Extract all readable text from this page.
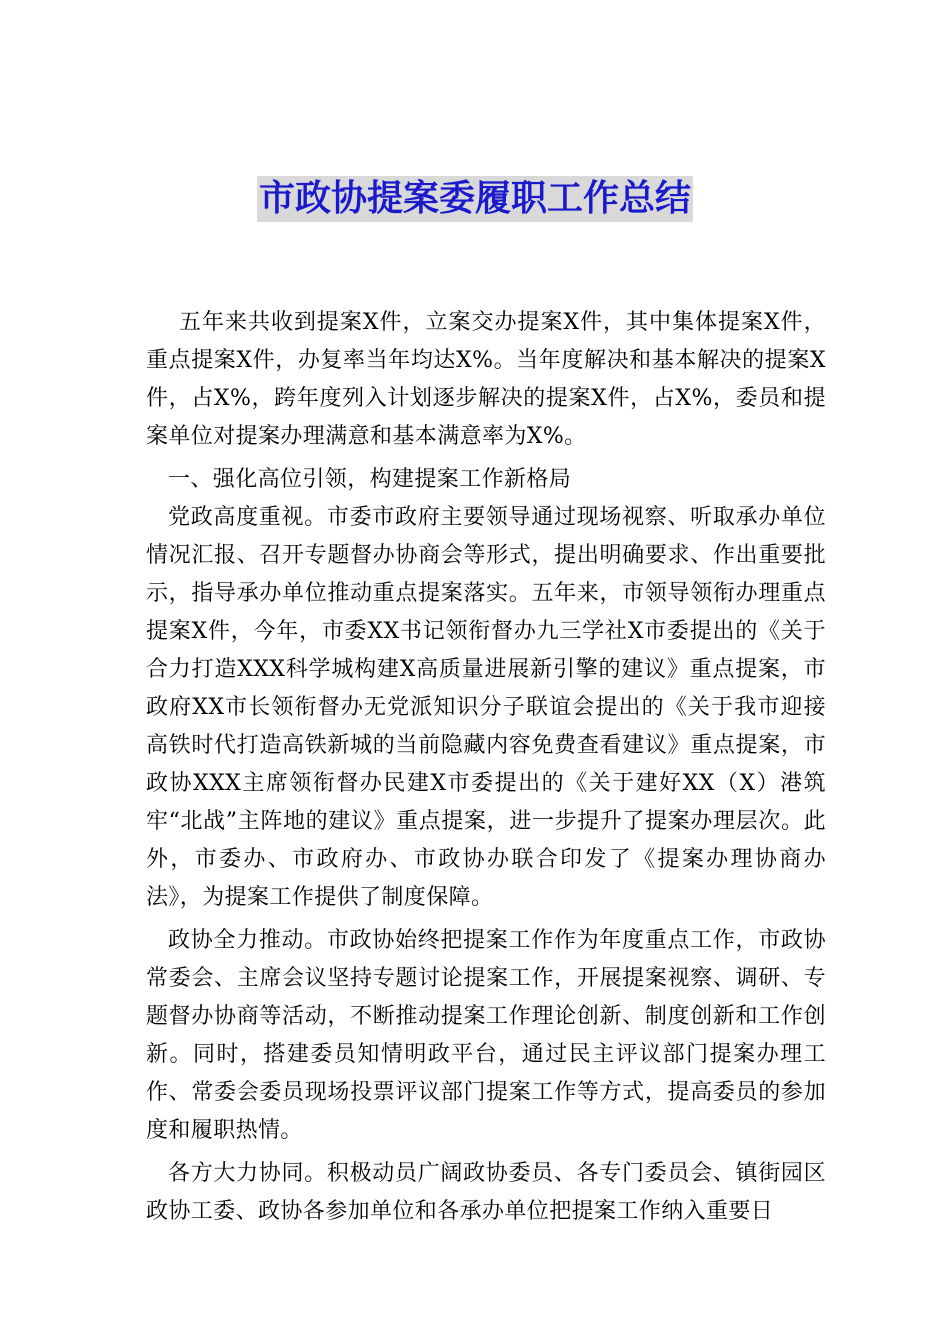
市政协提案委履职工作总结

五年来共收到提案X件，立案交办提案X件，其中集体提案X件，重点提案X件，办复率当年均达X%。当年度解决和基本解决的提案X件，占X%，跨年度列入计划逐步解决的提案X件，占X%，委员和提案单位对提案办理满意和基本满意率为X%。

一、强化高位引领，构建提案工作新格局

党政高度重视。市委市政府主要领导通过现场视察、听取承办单位情况汇报、召开专题督办协商会等形式，提出明确要求、作出重要批示，指导承办单位推动重点提案落实。五年来，市领导领衔办理重点提案X件，今年，市委XX书记领衔督办九三学社X市委提出的《关于合力打造XXX科学城构建X高质量进展新引擎的建议》重点提案，市政府XX市长领衔督办无党派知识分子联谊会提出的《关于我市迎接高铁时代打造高铁新城的当前隐藏内容免费查看建议》重点提案，市政协XXX主席领衔督办民建X市委提出的《关于建好XX（X）港筑牢“北战”主阵地的建议》重点提案，进一步提升了提案办理层次。此外，市委办、市政府办、市政协办联合印发了《提案办理协商办法》，为提案工作提供了制度保障。

政协全力推动。市政协始终把提案工作作为年度重点工作，市政协常委会、主席会议坚持专题讨论提案工作，开展提案视察、调研、专题督办协商等活动，不断推动提案工作理论创新、制度创新和工作创新。同时，搭建委员知情明政平台，通过民主评议部门提案办理工作、常委会委员现场投票评议部门提案工作等方式，提高委员的参加度和履职热情。

各方大力协同。积极动员广阔政协委员、各专门委员会、镇街园区政协工委、政协各参加单位和各承办单位把提案工作纳入重要日
